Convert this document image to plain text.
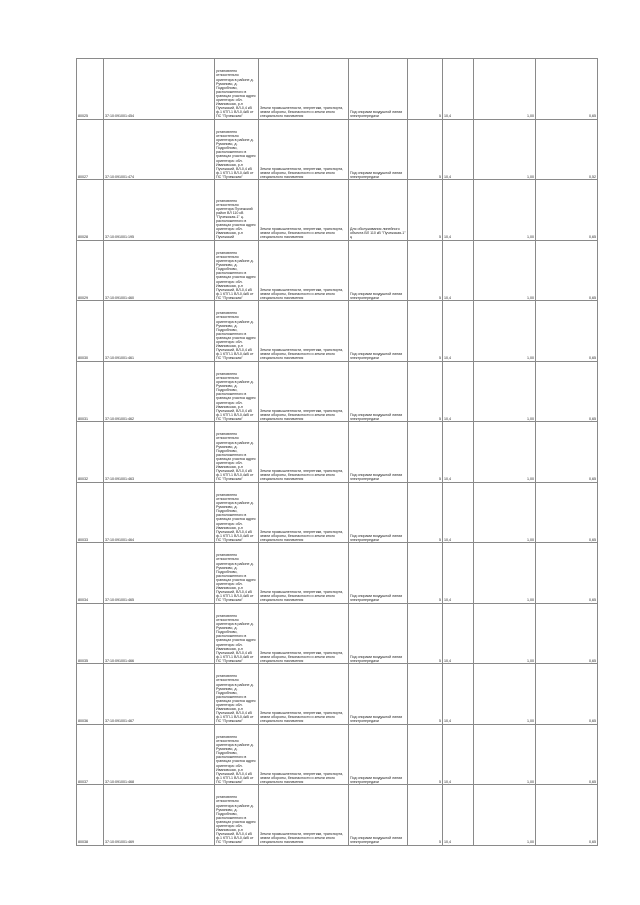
80025	37:10:091001:454	установлено относительно ориентира в районе д. Румяново, д. Подробново, расположенного в границах участка адрес ориентира: обл. Ивановская, р-н Пучежский, ВЛ-0,4 кВ ф.1 КТП-1 ВЛ-0,4кВ от ПС "Пучежская"	Земли промышленности, энергетики, транспорта, земли обороны, безопасности и земли иного специального назначения	Под опорами воздушной линии электропередачи	5	10,4	1,00	0,65
80027	37:10:091001:474	установлено относительно ориентира в районе д. Румяново, д. Подробново, расположенного в границах участка адрес ориентира: обл. Ивановская, р-н Пучежский, ВЛ-0,4 кВ ф.1 КТП-1 ВЛ-0,4кВ от ПС "Пучежская"	Земли промышленности, энергетики, транспорта, земли обороны, безопасности и земли иного специального назначения	Под опорами воздушной линии электропередачи	5	10,4	1,00	0,52
80028	37:10:091001:195	установлено относительно ориентира Пучежский район ВЛ 110 кВ "Пучежская-1" ц. расположенного в границах участка адрес ориентира: обл. Ивановская, р-н Пучежский	Земли промышленности, энергетики, транспорта, земли обороны, безопасности и земли иного специального назначения	Для обслуживания линейного объекта ВЛ 110 кВ "Пучежская-1" ц	5	10,4	1,00	0,65
80029	37:10:091001:460	установлено относительно ориентира в районе д. Румяново, д. Подробново, расположенного в границах участка адрес ориентира: обл. Ивановская, р-н Пучежский, ВЛ-0,4 кВ ф.1 КТП-1 ВЛ-0,4кВ от ПС "Пучежская"	Земли промышленности, энергетики, транспорта, земли обороны, безопасности и земли иного специального назначения	Под опорами воздушной линии электропередачи	5	10,4	1,00	0,65
80030	37:10:091001:461	установлено относительно ориентира в районе д. Румяново, д. Подробново, расположенного в границах участка адрес ориентира: обл. Ивановская, р-н Пучежский, ВЛ-0,4 кВ ф.1 КТП-1 ВЛ-0,4кВ от ПС "Пучежская"	Земли промышленности, энергетики, транспорта, земли обороны, безопасности и земли иного специального назначения	Под опорами воздушной линии электропередачи	5	10,4	1,00	0,65
80031	37:10:091001:462	установлено относительно ориентира в районе д. Румяново, д. Подробново, расположенного в границах участка адрес ориентира: обл. Ивановская, р-н Пучежский, ВЛ-0,4 кВ ф.1 КТП-1 ВЛ-0,4кВ от ПС "Пучежская"	Земли промышленности, энергетики, транспорта, земли обороны, безопасности и земли иного специального назначения	Под опорами воздушной линии электропередачи	5	10,4	1,00	0,65
80032	37:10:091001:463	установлено относительно ориентира в районе д. Румяново, д. Подробново, расположенного в границах участка адрес ориентира: обл. Ивановская, р-н Пучежский, ВЛ-0,4 кВ ф.1 КТП-1 ВЛ-0,4кВ от ПС "Пучежская"	Земли промышленности, энергетики, транспорта, земли обороны, безопасности и земли иного специального назначения	Под опорами воздушной линии электропередачи	5	10,4	1,00	0,65
80033	37:10:091001:464	установлено относительно ориентира в районе д. Румяново, д. Подробново, расположенного в границах участка адрес ориентира: обл. Ивановская, р-н Пучежский, ВЛ-0,4 кВ ф.1 КТП-1 ВЛ-0,4кВ от ПС "Пучежская"	Земли промышленности, энергетики, транспорта, земли обороны, безопасности и земли иного специального назначения	Под опорами воздушной линии электропередачи	5	10,4	1,00	0,65
80034	37:10:091001:465	установлено относительно ориентира в районе д. Румяново, д. Подробново, расположенного в границах участка адрес ориентира: обл. Ивановская, р-н Пучежский, ВЛ-0,4 кВ ф.1 КТП-1 ВЛ-0,4кВ от ПС "Пучежская"	Земли промышленности, энергетики, транспорта, земли обороны, безопасности и земли иного специального назначения	Под опорами воздушной линии электропередачи	5	10,4	1,00	0,65
80035	37:10:091001:466	установлено относительно ориентира в районе д. Румяново, д. Подробново, расположенного в границах участка адрес ориентира: обл. Ивановская, р-н Пучежский, ВЛ-0,4 кВ ф.1 КТП-1 ВЛ-0,4кВ от ПС "Пучежская"	Земли промышленности, энергетики, транспорта, земли обороны, безопасности и земли иного специального назначения	Под опорами воздушной линии электропередачи	5	10,4	1,00	0,65
80036	37:10:091001:467	установлено относительно ориентира в районе д. Румяново, д. Подробново, расположенного в границах участка адрес ориентира: обл. Ивановская, р-н Пучежский, ВЛ-0,4 кВ ф.1 КТП-1 ВЛ-0,4кВ от ПС "Пучежская"	Земли промышленности, энергетики, транспорта, земли обороны, безопасности и земли иного специального назначения	Под опорами воздушной линии электропередачи	5	10,4	1,00	0,65
80037	37:10:091001:468	установлено относительно ориентира в районе д. Румяново, д. Подробново, расположенного в границах участка адрес ориентира: обл. Ивановская, р-н Пучежский, ВЛ-0,4 кВ ф.1 КТП-1 ВЛ-0,4кВ от ПС "Пучежская"	Земли промышленности, энергетики, транспорта, земли обороны, безопасности и земли иного специального назначения	Под опорами воздушной линии электропередачи	5	10,4	1,00	0,65
80038	37:10:091001:469	установлено относительно ориентира в районе д. Румяново, д. Подробново, расположенного в границах участка адрес ориентира: обл. Ивановская, р-н Пучежский, ВЛ-0,4 кВ ф.1 КТП-1 ВЛ-0,4кВ от ПС "Пучежская"	Земли промышленности, энергетики, транспорта, земли обороны, безопасности и земли иного специального назначения	Под опорами воздушной линии электропередачи	5	10,4	1,00	0,65
